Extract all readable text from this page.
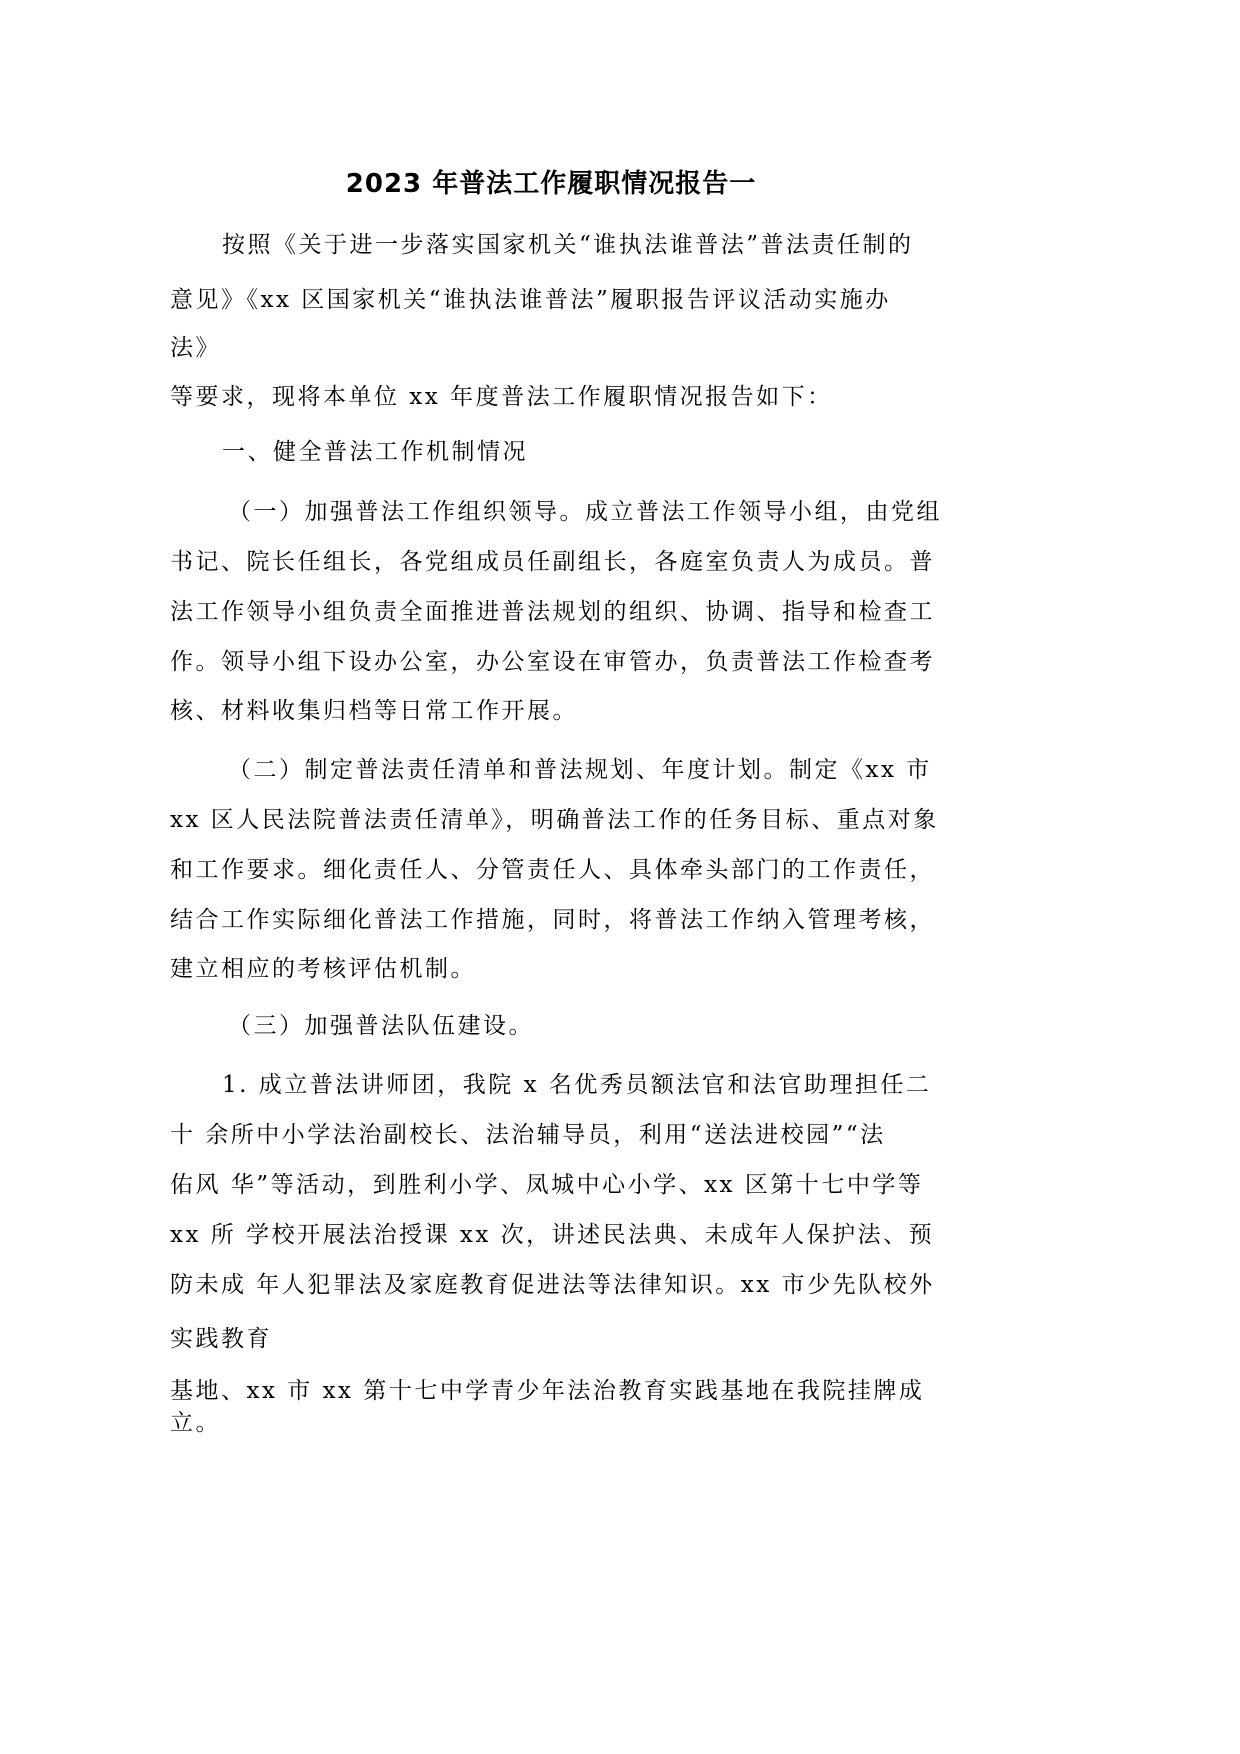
2023 年普法工作履职情况报告一
按照《关于进一步落实国家机关“谁执法谁普法”普法责任制的
意见》《xx 区国家机关“谁执法谁普法”履职报告评议活动实施办
法》
等要求，现将本单位 xx 年度普法工作履职情况报告如下：
一、健全普法工作机制情况
（一）加强普法工作组织领导。成立普法工作领导小组，由党组
书记、院长任组长，各党组成员任副组长，各庭室负责人为成员。普
法工作领导小组负责全面推进普法规划的组织、协调、指导和检查工
作。领导小组下设办公室，办公室设在审管办，负责普法工作检查考
核、材料收集归档等日常工作开展。
（二）制定普法责任清单和普法规划、年度计划。制定《xx 市
xx 区人民法院普法责任清单》，明确普法工作的任务目标、重点对象
和工作要求。细化责任人、分管责任人、具体牵头部门的工作责任，
结合工作实际细化普法工作措施，同时，将普法工作纳入管理考核，
建立相应的考核评估机制。
（三）加强普法队伍建设。
1. 成立普法讲师团，我院 x 名优秀员额法官和法官助理担任二
十 余所中小学法治副校长、法治辅导员，利用“送法进校园”“法
佑风 华”等活动，到胜利小学、凤城中心小学、xx 区第十七中学等
xx 所 学校开展法治授课 xx 次，讲述民法典、未成年人保护法、预
防未成 年人犯罪法及家庭教育促进法等法律知识。xx 市少先队校外
实践教育
基地、xx 市 xx 第十七中学青少年法治教育实践基地在我院挂牌成
立。
